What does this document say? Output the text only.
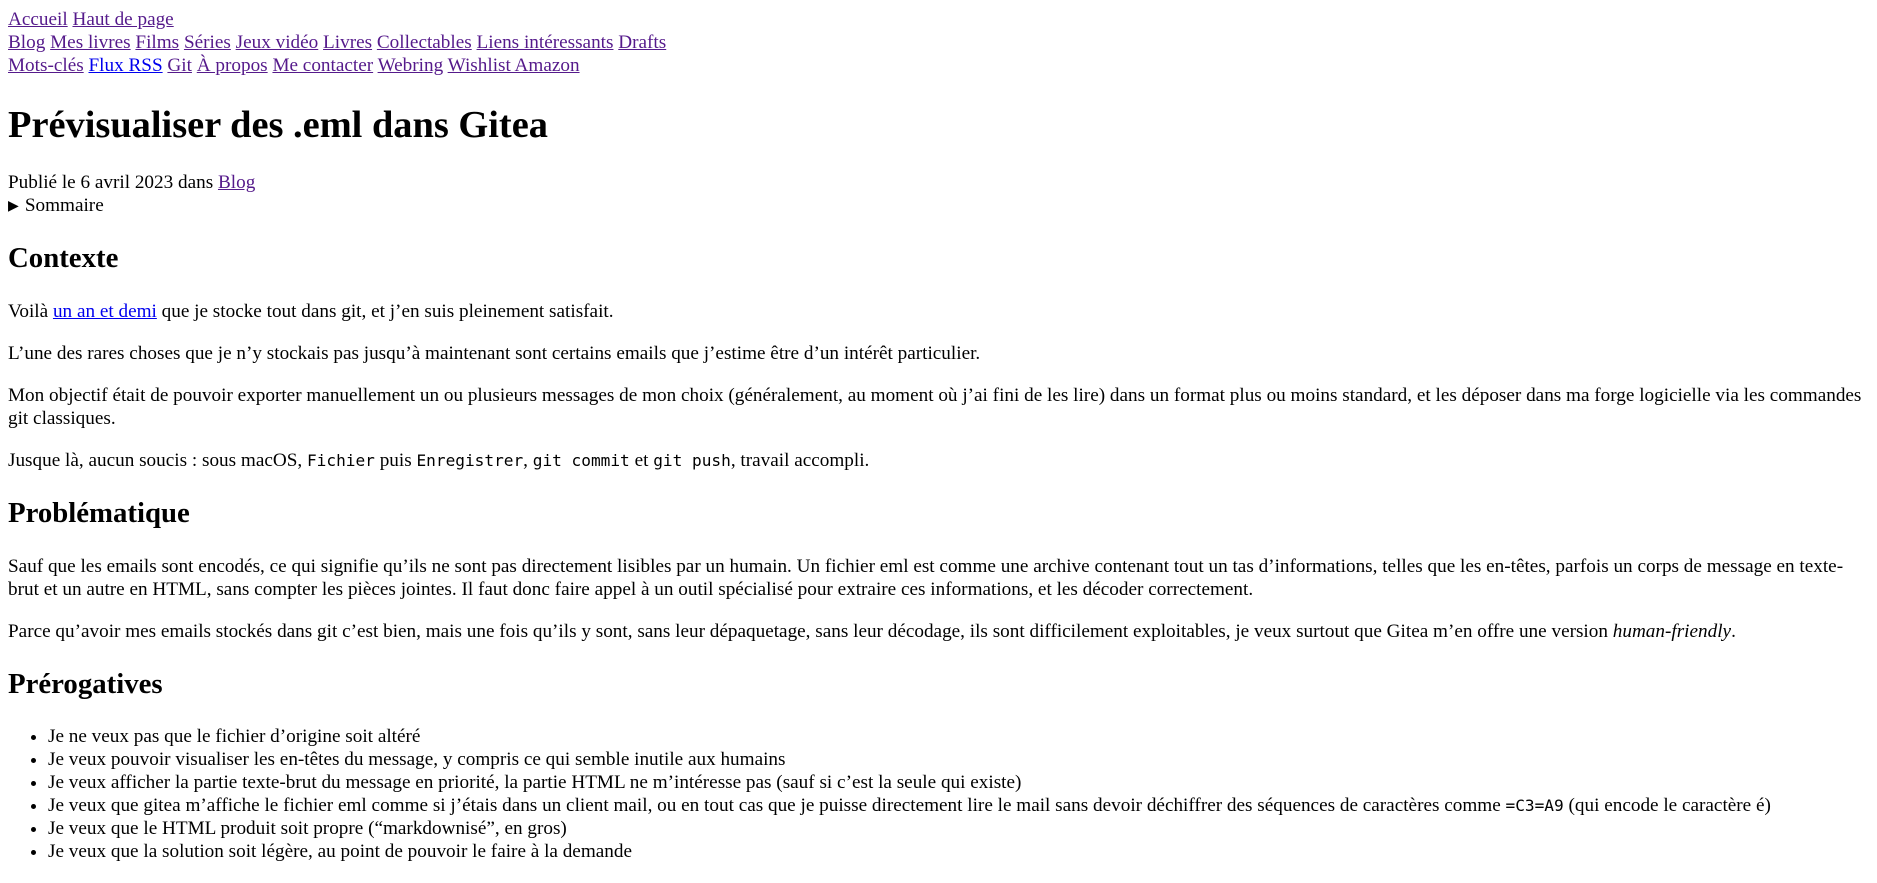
Accueil Haut de page
Blog Mes livres Films Séries Jeux vidéo Livres Collectables Liens intéressants Drafts
Mots-clés Flux RSS Git À propos Me contacter Webring Wishlist Amazon
Prévisualiser des .eml dans Gitea
Publié le 6 avril 2023 dans Blog
▶ Sommaire
Contexte

Voilà un an et demi que je stocke tout dans git, et j’en suis pleinement satisfait.

L’une des rares choses que je n’y stockais pas jusqu’à maintenant sont certains emails que j’estime être d’un intérêt particulier.

Mon objectif était de pouvoir exporter manuellement un ou plusieurs messages de mon choix (généralement, au moment où j’ai fini de les lire) dans un format plus ou moins standard, et les déposer dans ma forge logicielle via les commandes git classiques.

Jusque là, aucun soucis : sous macOS, Fichier puis Enregistrer, git commit et git push, travail accompli.

Problématique

Sauf que les emails sont encodés, ce qui signifie qu’ils ne sont pas directement lisibles par un humain. Un fichier eml est comme une archive contenant tout un tas d’informations, telles que les en-têtes, parfois un corps de message en texte-brut et un autre en HTML, sans compter les pièces jointes. Il faut donc faire appel à un outil spécialisé pour extraire ces informations, et les décoder correctement.

Parce qu’avoir mes emails stockés dans git c’est bien, mais une fois qu’ils y sont, sans leur dépaquetage, sans leur décodage, ils sont difficilement exploitables, je veux surtout que Gitea m’en offre une version human-friendly.

Prérogatives
• Je ne veux pas que le fichier d’origine soit altéré
• Je veux pouvoir visualiser les en-têtes du message, y compris ce qui semble inutile aux humains
• Je veux afficher la partie texte-brut du message en priorité, la partie HTML ne m’intéresse pas (sauf si c’est la seule qui existe)
• Je veux que gitea m’affiche le fichier eml comme si j’étais dans un client mail, ou en tout cas que je puisse directement lire le mail sans devoir déchiffrer des séquences de caractères comme =C3=A9 (qui encode le caractère é)
• Je veux que le HTML produit soit propre (“markdownisé”, en gros)
• Je veux que la solution soit légère, au point de pouvoir le faire à la demande
